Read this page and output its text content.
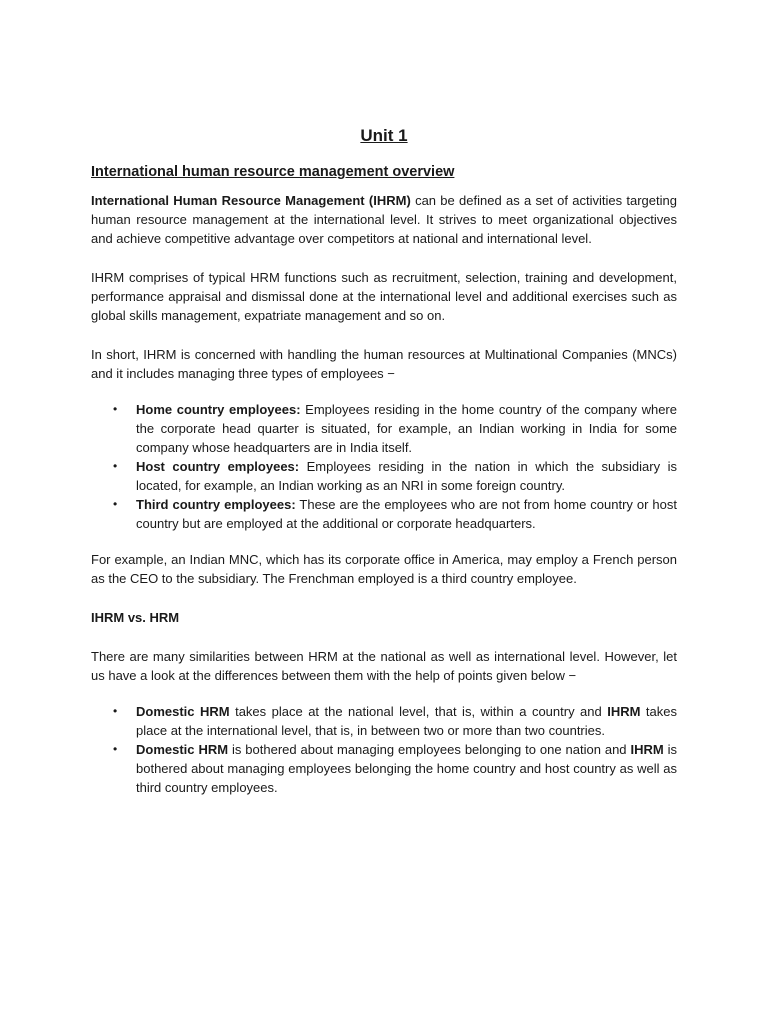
Unit 1
International human resource management overview

International Human Resource Management (IHRM) can be defined as a set of activities targeting human resource management at the international level. It strives to meet organizational objectives and achieve competitive advantage over competitors at national and international level.

IHRM comprises of typical HRM functions such as recruitment, selection, training and development, performance appraisal and dismissal done at the international level and additional exercises such as global skills management, expatriate management and so on.

In short, IHRM is concerned with handling the human resources at Multinational Companies (MNCs) and it includes managing three types of employees −

• Home country employees: Employees residing in the home country of the company where the corporate head quarter is situated, for example, an Indian working in India for some company whose headquarters are in India itself.
• Host country employees: Employees residing in the nation in which the subsidiary is located, for example, an Indian working as an NRI in some foreign country.
• Third country employees: These are the employees who are not from home country or host country but are employed at the additional or corporate headquarters.

For example, an Indian MNC, which has its corporate office in America, may employ a French person as the CEO to the subsidiary. The Frenchman employed is a third country employee.

IHRM vs. HRM

There are many similarities between HRM at the national as well as international level. However, let us have a look at the differences between them with the help of points given below −

• Domestic HRM takes place at the national level, that is, within a country and IHRM takes place at the international level, that is, in between two or more than two countries.
• Domestic HRM is bothered about managing employees belonging to one nation and IHRM is bothered about managing employees belonging the home country and host country as well as third country employees.
